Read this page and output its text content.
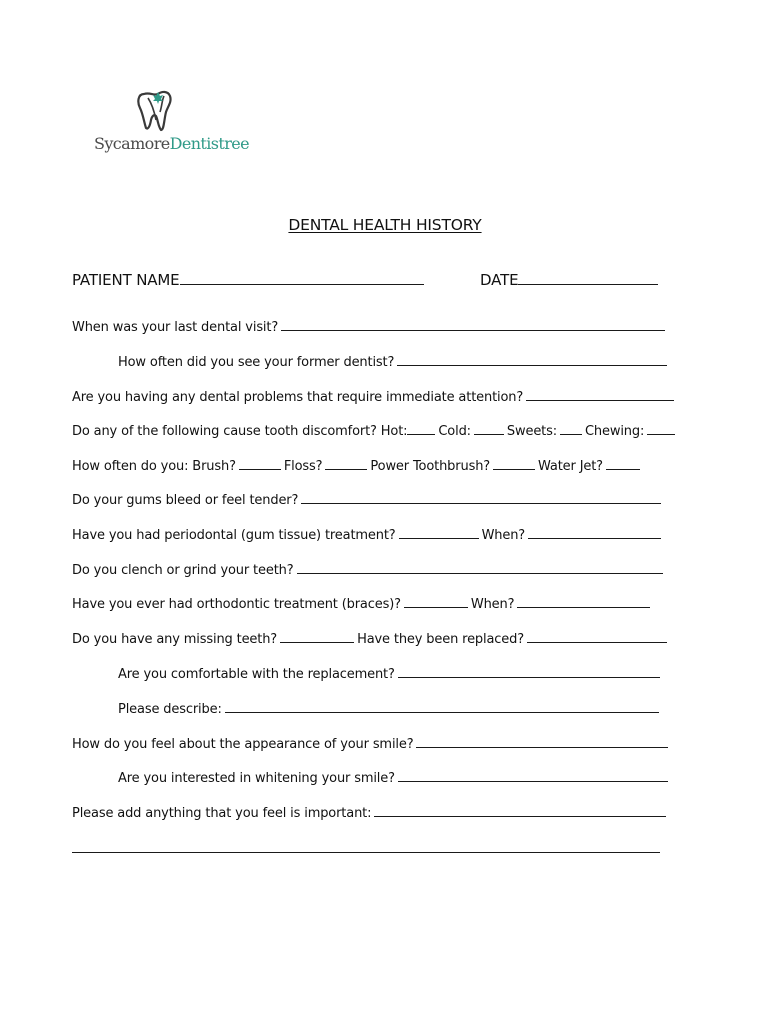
SycamoreDentistree
DENTAL HEALTH HISTORY
PATIENT NAME	DATE
When was your last dental visit?
How often did you see your former dentist?
Are you having any dental problems that require immediate attention?
Do any of the following cause tooth discomfort? Hot: Cold:	Sweets: Chewing:
How often do you: Brush?	Floss?	Power Toothbrush?	Water Jet?
Do your gums bleed or feel tender?
Have you had periodontal (gum tissue) treatment?	When?
Do you clench or grind your teeth?
Have you ever had orthodontic treatment (braces)?	When?
Do you have any missing teeth?	Have they been replaced?
Are you comfortable with the replacement?
Please describe:
How do you feel about the appearance of your smile?
Are you interested in whitening your smile?
Please add anything that you feel is important:
